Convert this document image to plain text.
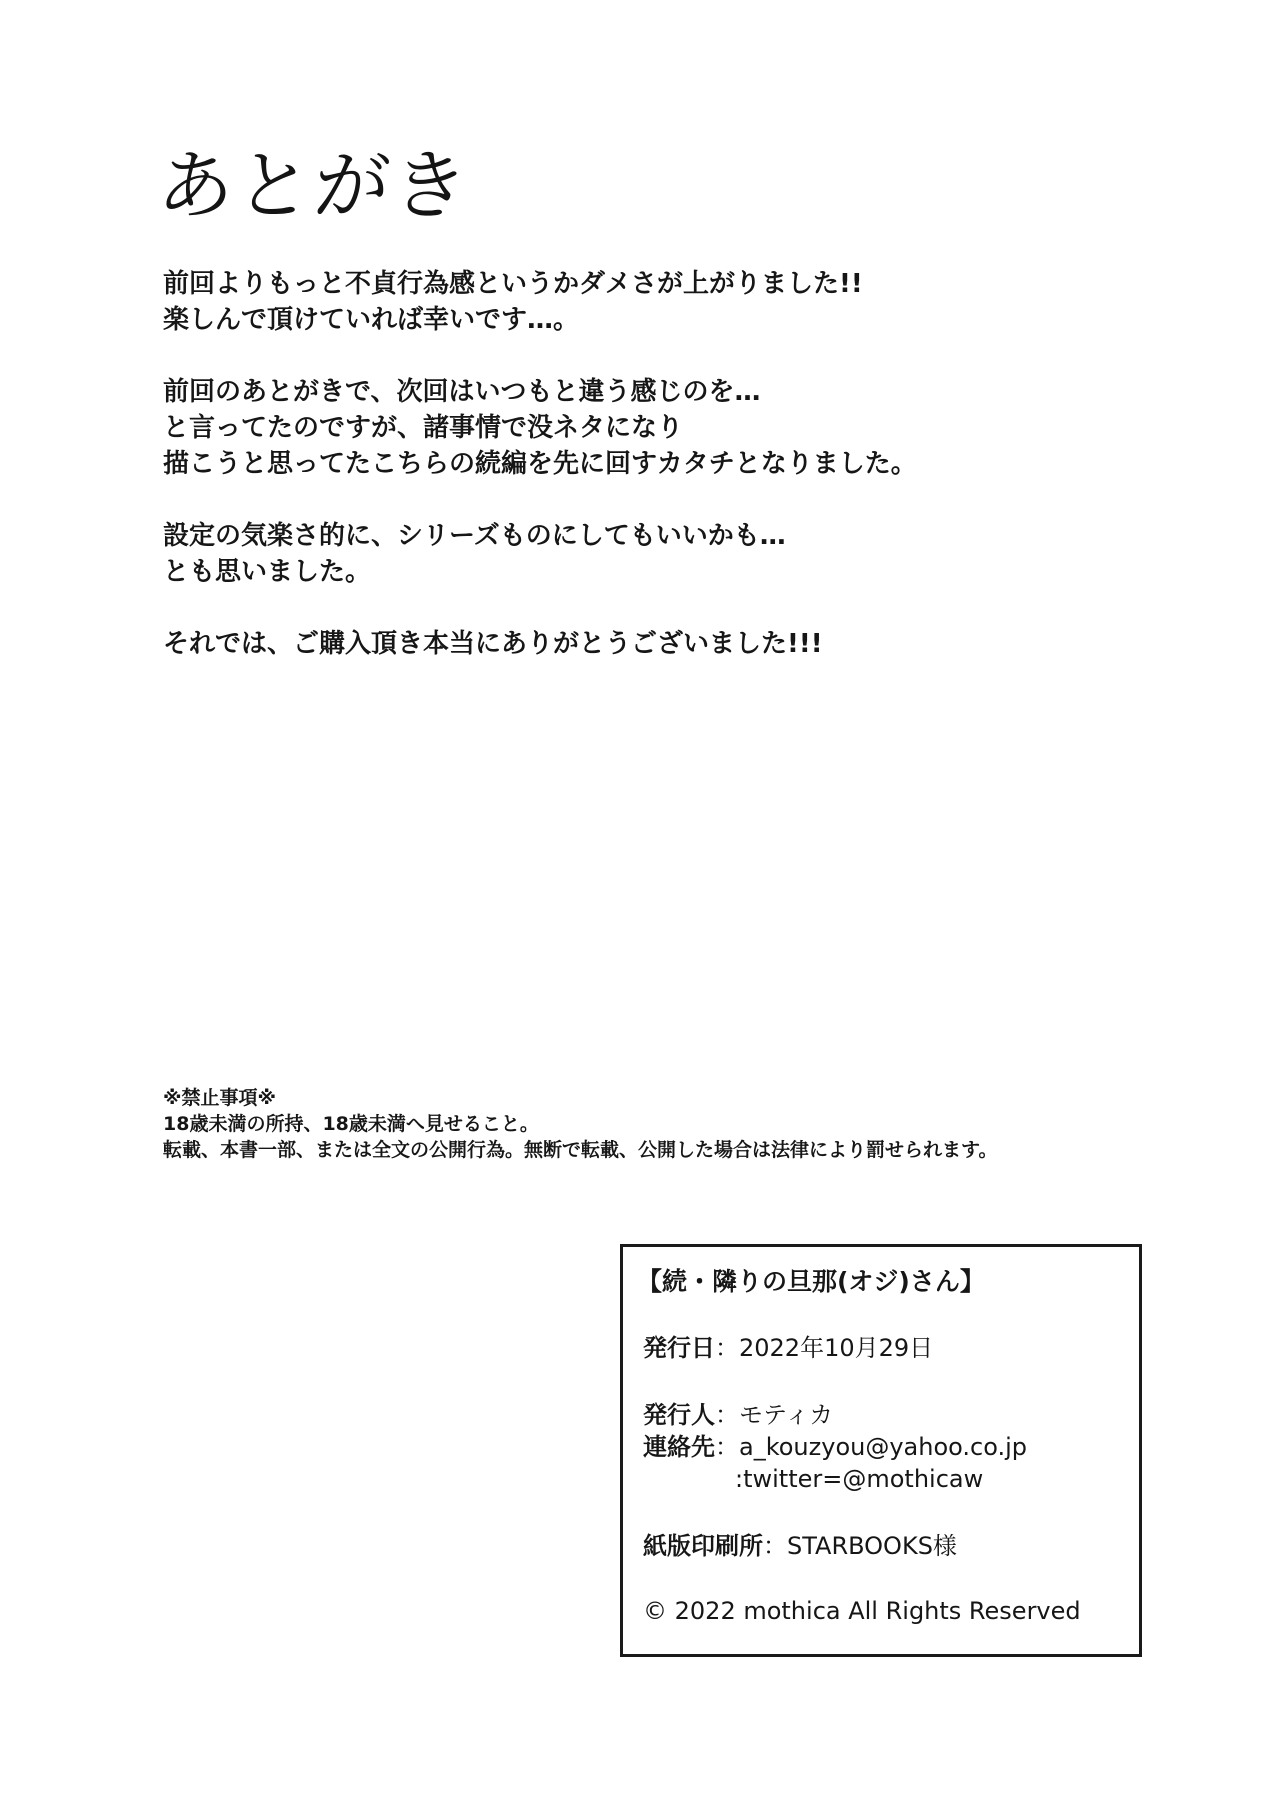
あとがき
前回よりもっと不貞行為感というかダメさが上がりました!!
楽しんで頂けていれば幸いです…。
前回のあとがきで、次回はいつもと違う感じのを…
と言ってたのですが、諸事情で没ネタになり
描こうと思ってたこちらの続編を先に回すカタチとなりました。
設定の気楽さ的に、シリーズものにしてもいいかも…
とも思いました。
それでは、ご購入頂き本当にありがとうございました!!!
※禁止事項※
18歳未満の所持、18歳未満へ見せること。
転載、本書一部、または全文の公開行為。無断で転載、公開した場合は法律により罰せられます。
【続・隣りの旦那(オジ)さん】
発行日：2022年10月29日
発行人：モティカ
連絡先：a_kouzyou@yahoo.co.jp
:twitter=@mothicaw
紙版印刷所：STARBOOKS様
© 2022 mothica All Rights Reserved
